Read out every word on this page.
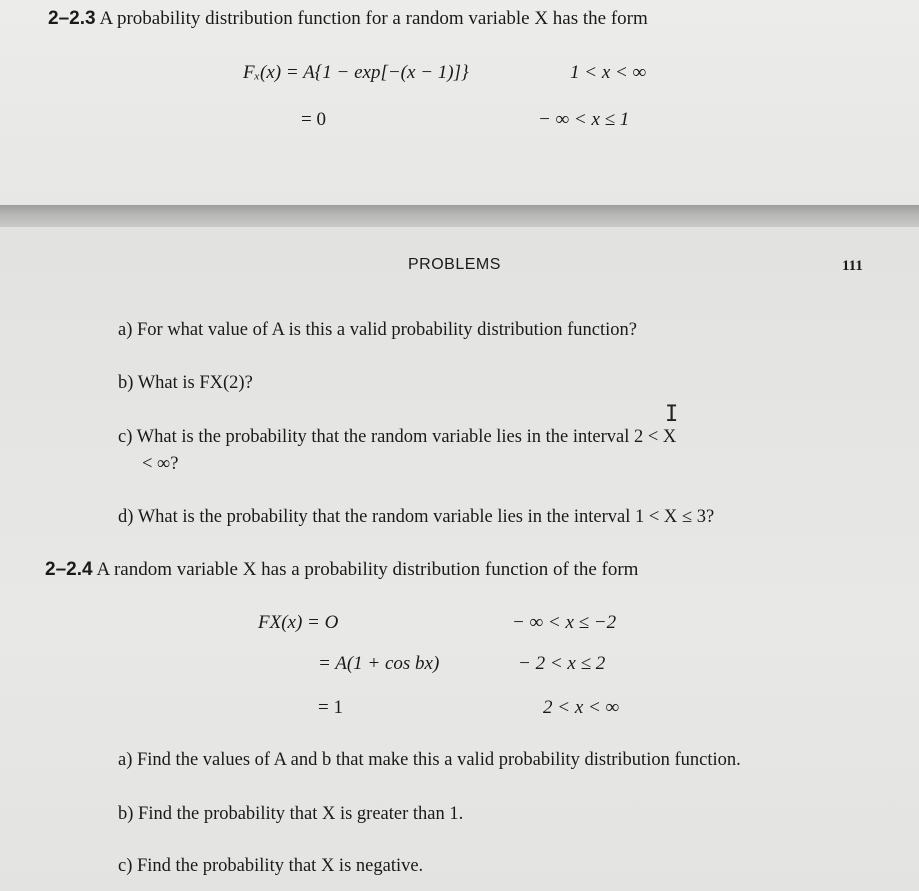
2–2.3 A probability distribution function for a random variable X has the form
Fₓ(x) = A{1 − exp[−(x − 1)]}	1 < x < ∞
= 0	− ∞ < x ≤ 1
PROBLEMS	111
a) For what value of A is this a valid probability distribution function?
b) What is FX(2)?
I
c) What is the probability that the random variable lies in the interval 2 < X
< ∞?
d) What is the probability that the random variable lies in the interval 1 < X ≤ 3?
2–2.4 A random variable X has a probability distribution function of the form
FX(x) = O	− ∞ < x ≤ −2
= A(1 + cos bx)	− 2 < x ≤ 2
= 1	2 < x < ∞
a) Find the values of A and b that make this a valid probability distribution function.
b) Find the probability that X is greater than 1.
c) Find the probability that X is negative.
